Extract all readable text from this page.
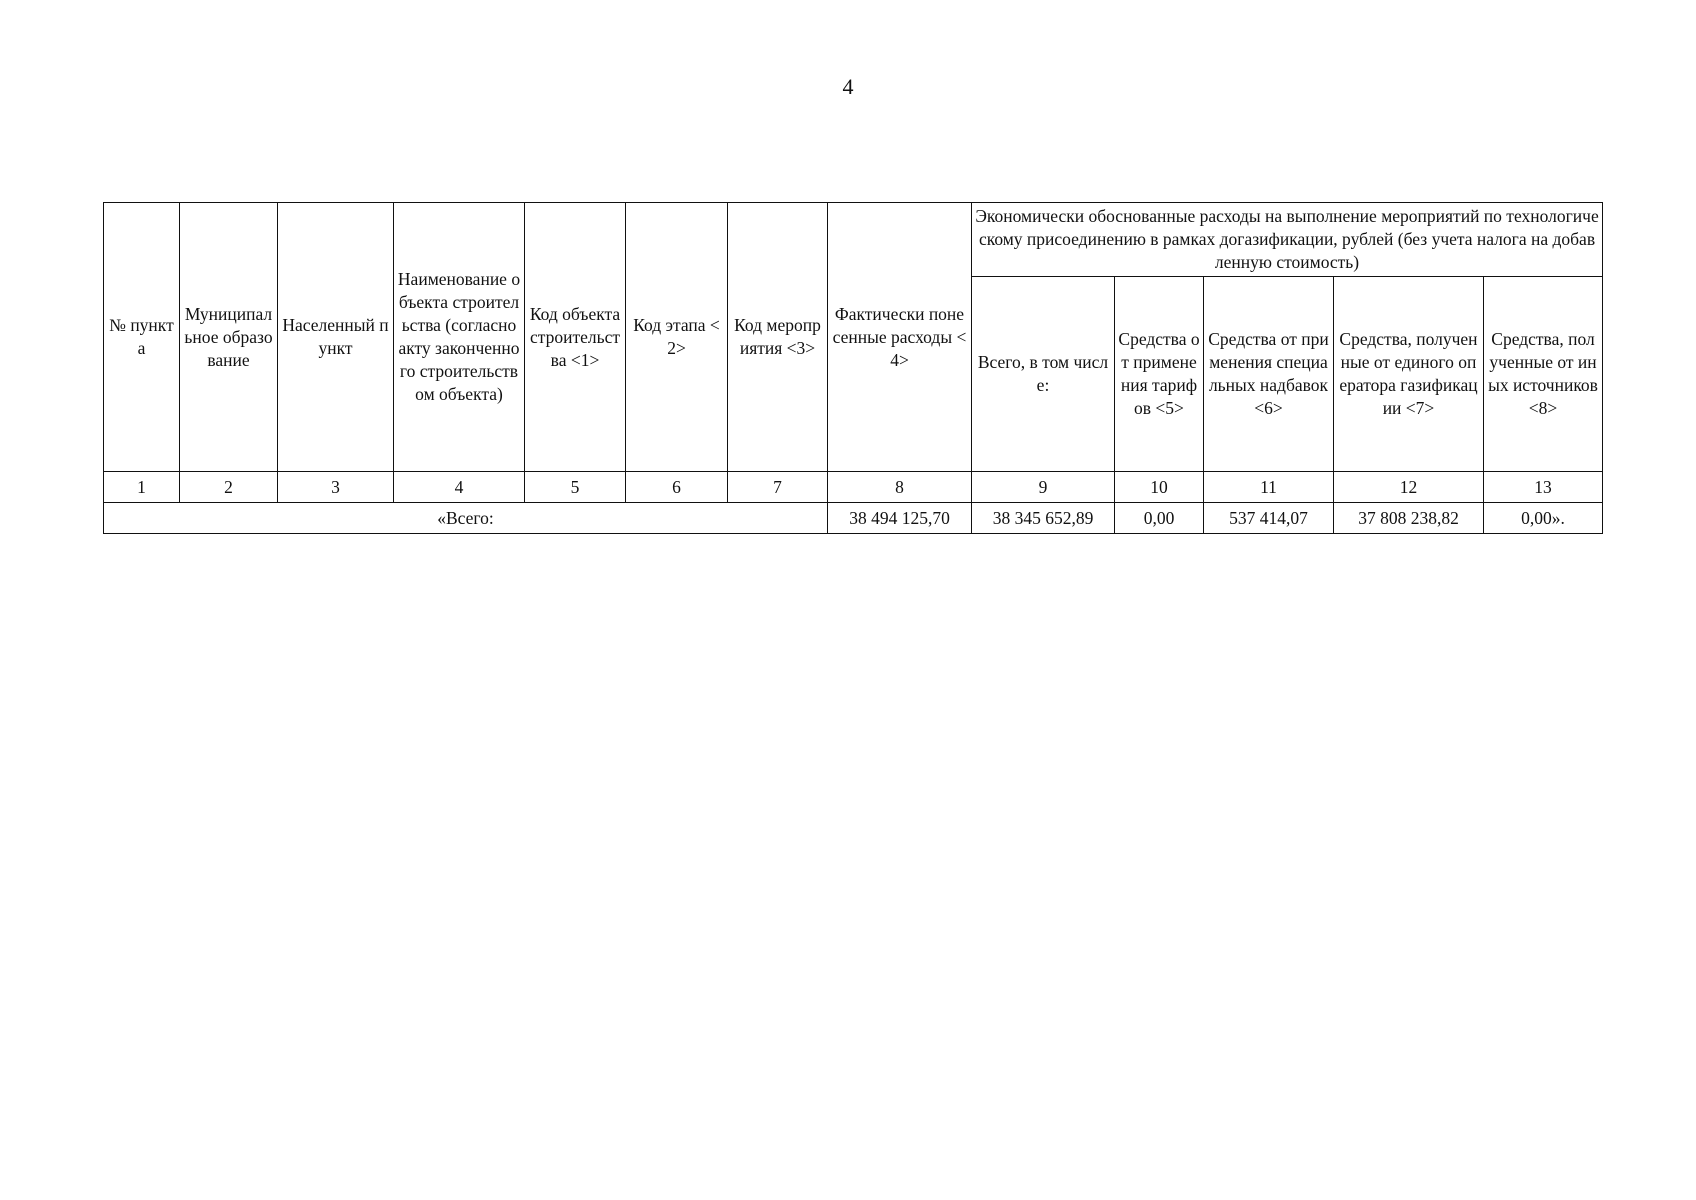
4
№ пункта	Муниципальное образование	Населенный пункт	Наименование объекта строительства (согласно акту законченного строительством объекта)	Код объекта строительства <1>	Код этапа <2>	Код мероприятия <3>	Фактически понесенные расходы <4>	Экономически обоснованные расходы на выполнение мероприятий по технологическому присоединению в рамках догазификации, рублей (без учета налога на добавленную стоимость)				
								Всего, в том числе:	Средства от применения тарифов <5>	Средства от применения специальных надбавок <6>	Средства, полученные от единого оператора газификации <7>	Средства, полученные от иных источников <8>
1	2	3	4	5	6	7	8	9	10	11	12	13
«Всего:							38 494 125,70	38 345 652,89	0,00	537 414,07	37 808 238,82	0,00».
